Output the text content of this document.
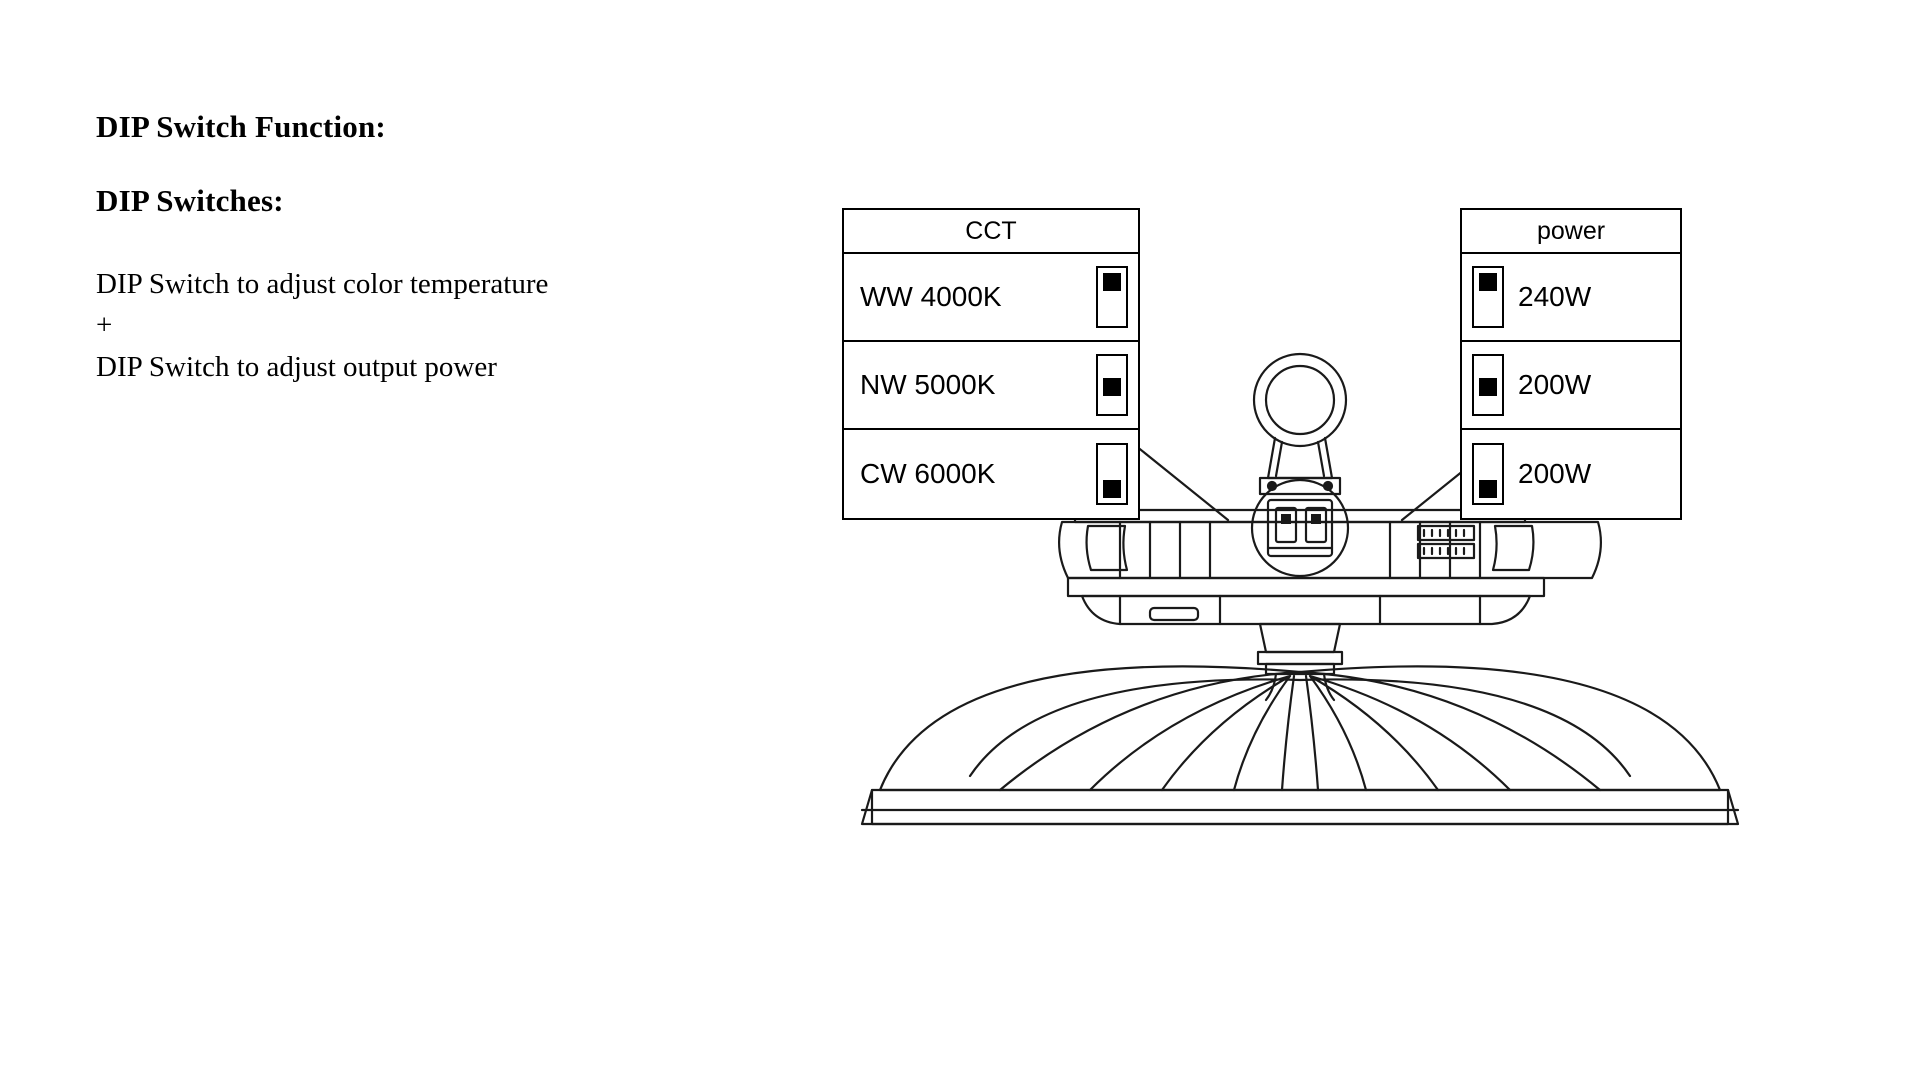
DIP Switch Function:

DIP Switches:

DIP Switch to adjust color temperature

+

DIP Switch to adjust output power

CCT
WW 4000K
NW 5000K
CW 6000K
power
240W
200W
200W
